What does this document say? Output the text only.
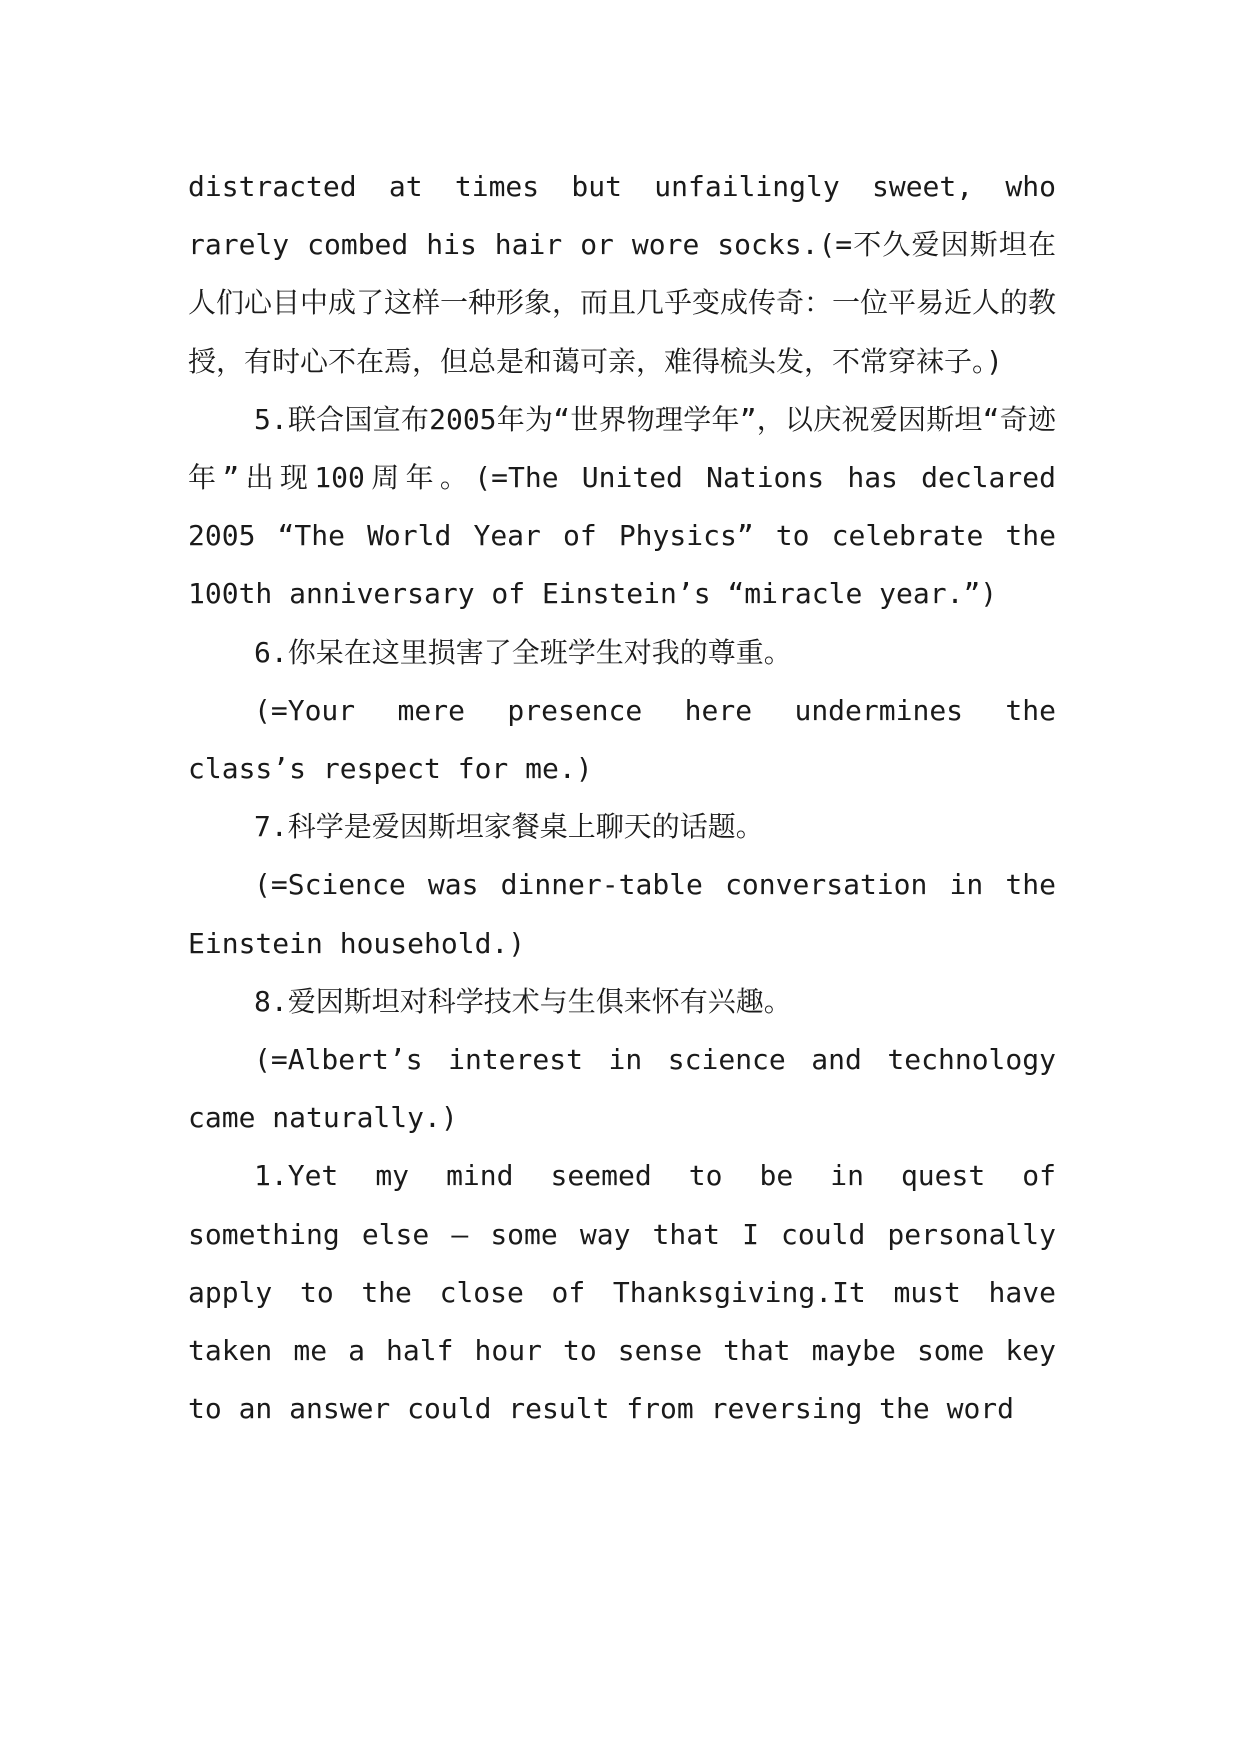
distracted at times but unfailingly sweet, who rarely combed his hair or wore socks.(=不久爱因斯坦在人们心目中成了这样一种形象，而且几乎变成传奇：一位平易近人的教授，有时心不在焉，但总是和蔼可亲，难得梳头发，不常穿袜子。)

5.联合国宣布2005年为“世界物理学年”，以庆祝爱因斯坦“奇迹年”出现100周年。(=The United Nations has declared 2005 “The World Year of Physics” to celebrate the 100th anniversary of Einstein’s “miracle year.”)

6.你呆在这里损害了全班学生对我的尊重。

(=Your mere presence here undermines the class’s respect for me.)

7.科学是爱因斯坦家餐桌上聊天的话题。

(=Science was dinner-table conversation in the Einstein household.)

8.爱因斯坦对科学技术与生俱来怀有兴趣。

(=Albert’s interest in science and technology came naturally.)

1.Yet my mind seemed to be in quest of something else — some way that I could personally apply to the close of Thanksgiving.It must have taken me a half hour to sense that maybe some key to an answer could result from reversing the word
